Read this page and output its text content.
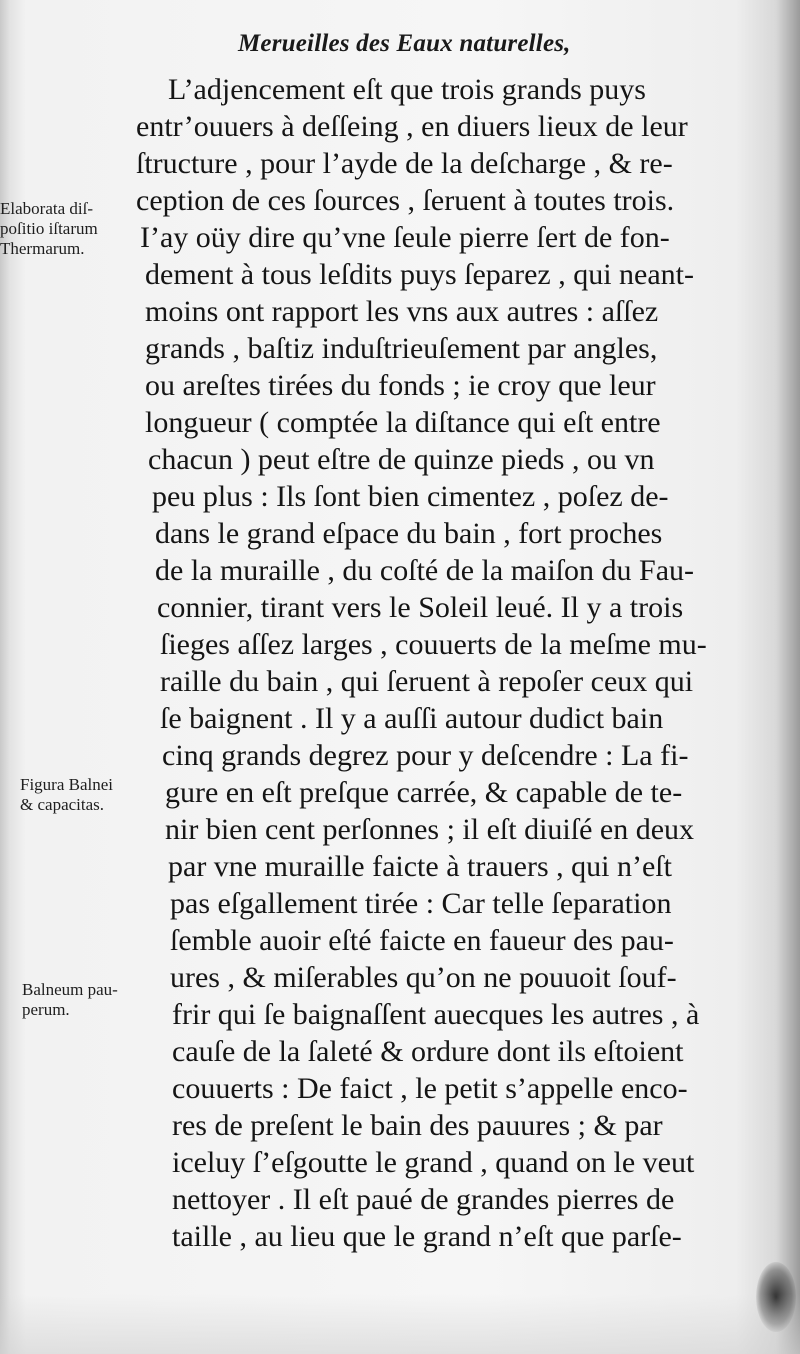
Merueilles des Eaux naturelles,
L’adjencement eſt que trois grands puys
entr’ouuers à deſſeing , en diuers lieux de leur
ſtructure , pour l’ayde de la deſcharge , & re-
ception de ces ſources , ſeruent à toutes trois.
I’ay oüy dire qu’vne ſeule pierre ſert de fon-
dement à tous leſdits puys ſeparez , qui neant-
moins ont rapport les vns aux autres : aſſez
grands , baſtiz induſtrieuſement par angles,
ou areſtes tirées du fonds ; ie croy que leur
longueur ( comptée la diſtance qui eſt entre
chacun ) peut eſtre de quinze pieds , ou vn
peu plus : Ils ſont bien cimentez , poſez de-
dans le grand eſpace du bain , fort proches
de la muraille , du coſté de la maiſon du Fau-
connier, tirant vers le Soleil leué. Il y a trois
ſieges aſſez larges , couuerts de la meſme mu-
raille du bain , qui ſeruent à repoſer ceux qui
ſe baignent . Il y a auſſi autour dudict bain
cinq grands degrez pour y deſcendre : La fi-
gure en eſt preſque carrée, & capable de te-
nir bien cent perſonnes ; il eſt diuiſé en deux
par vne muraille faicte à trauers , qui n’eſt
pas eſgallement tirée : Car telle ſeparation
ſemble auoir eſté faicte en faueur des pau-
ures , & miſerables qu’on ne pouuoit ſouf-
frir qui ſe baignaſſent auecques les autres , à
cauſe de la ſaleté & ordure dont ils eſtoient
couuerts : De faict , le petit s’appelle enco-
res de preſent le bain des pauures ; & par
iceluy ſ’eſgoutte le grand , quand on le veut
nettoyer . Il eſt paué de grandes pierres de
taille , au lieu que le grand n’eſt que parſe-
Elaborata diſ-
poſitio iſtarum
Thermarum.
Figura Balnei
& capacitas.
Balneum pau-
perum.
